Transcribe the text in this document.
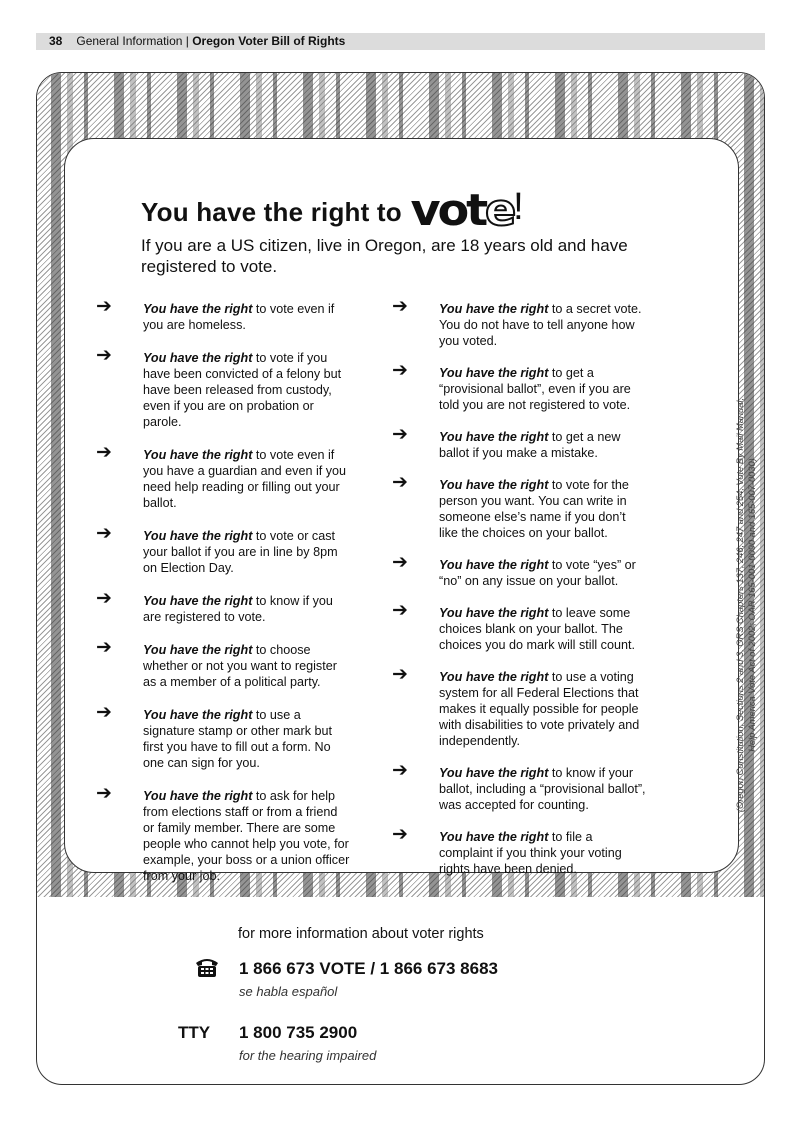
38 General Information | Oregon Voter Bill of Rights
You have the right to vote!
If you are a US citizen, live in Oregon, are 18 years old and have registered to vote.
➔ You have the right to vote even if you are homeless.
➔ You have the right to vote if you have been convicted of a felony but have been released from custody, even if you are on probation or parole.
➔ You have the right to vote even if you have a guardian and even if you need help reading or filling out your ballot.
➔ You have the right to vote or cast your ballot if you are in line by 8pm on Election Day.
➔ You have the right to know if you are registered to vote.
➔ You have the right to choose whether or not you want to register as a member of a political party.
➔ You have the right to use a signature stamp or other mark but first you have to fill out a form. No one can sign for you.
➔ You have the right to ask for help from elections staff or from a friend or family member. There are some people who cannot help you vote, for example, your boss or a union officer from your job.
➔ You have the right to a secret vote. You do not have to tell anyone how you voted.
➔ You have the right to get a “provisional ballot”, even if you are told you are not registered to vote.
➔ You have the right to get a new ballot if you make a mistake.
➔ You have the right to vote for the person you want. You can write in someone else’s name if you don’t like the choices on your ballot.
➔ You have the right to vote “yes” or “no” on any issue on your ballot.
➔ You have the right to leave some choices blank on your ballot. The choices you do mark will still count.
➔ You have the right to use a voting system for all Federal Elections that makes it equally possible for people with disabilities to vote privately and independently.
➔ You have the right to know if your ballot, including a “provisional ballot”, was accepted for counting.
➔ You have the right to file a complaint if you think your voting rights have been denied.
(Oregon Constitution, Sections 2 and 3; ORS Chapters 137, 246, 247 and 254; Vote By Mail Manual; Help America Vote Act of 2002; OAR 165-001-0090 and 165-007-0030)
for more information about voter rights
1 866 673 VOTE / 1 866 673 8683
se habla español
TTY 1 800 735 2900
for the hearing impaired
